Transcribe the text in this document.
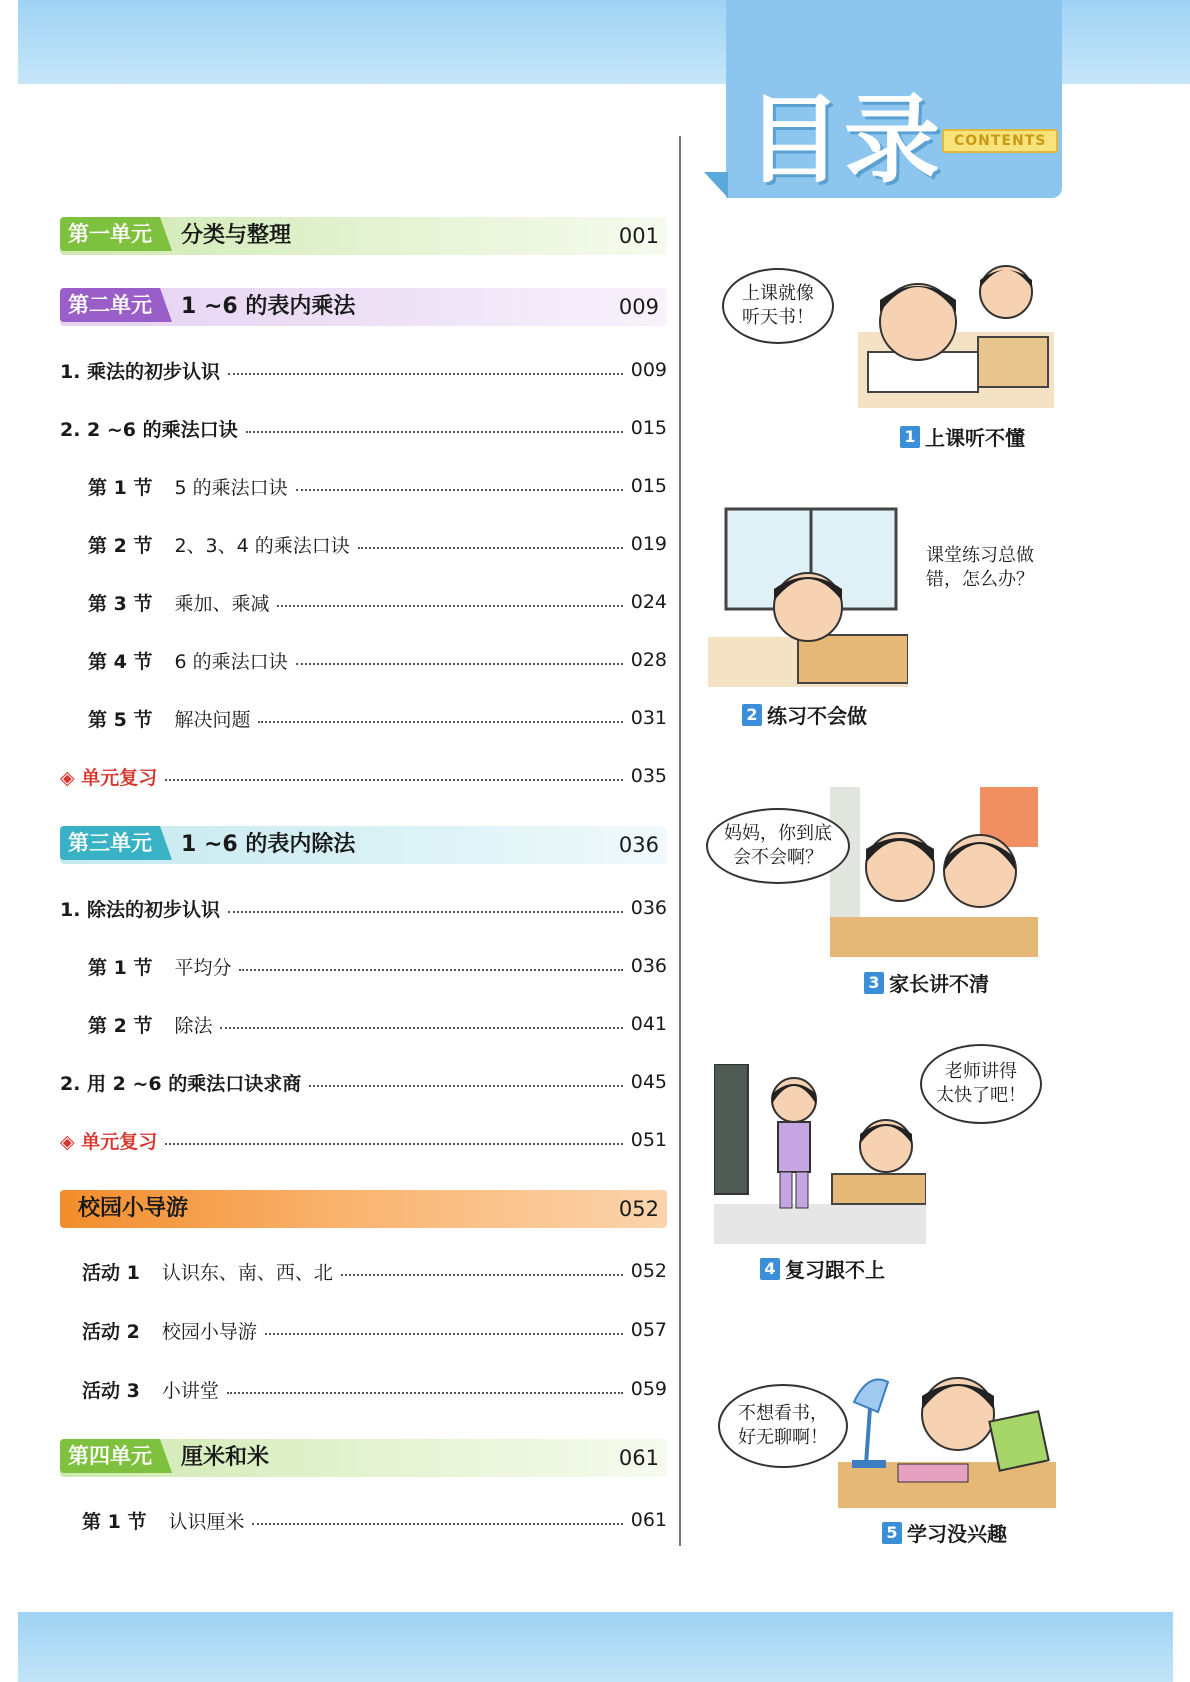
目录 CONTENTS
第一单元	分类与整理	001
第二单元	1 ~6 的表内乘法	009
1. 乘法的初步认识	009
2. 2 ~6 的乘法口诀	015
第 1 节 5 的乘法口诀	015
第 2 节 2、3、4 的乘法口诀	019
第 3 节 乘加、乘减	024
第 4 节 6 的乘法口诀	028
第 5 节 解决问题	031
◈ 单元复习	035
第三单元	1 ~6 的表内除法	036
1. 除法的初步认识	036
第 1 节 平均分	036
第 2 节 除法	041
2. 用 2 ~6 的乘法口诀求商	045
◈ 单元复习	051
校园小导游	052
活动 1 认识东、南、西、北	052
活动 2 校园小导游	057
活动 3 小讲堂	059
第四单元	厘米和米	061
第 1 节 认识厘米	061
上课就像
听天书！
1 上课听不懂
课堂练习总做
错，怎么办？
2 练习不会做
妈妈，你到底
会不会啊？
3 家长讲不清
老师讲得
太快了吧！
4 复习跟不上
不想看书，
好无聊啊！
5 学习没兴趣
